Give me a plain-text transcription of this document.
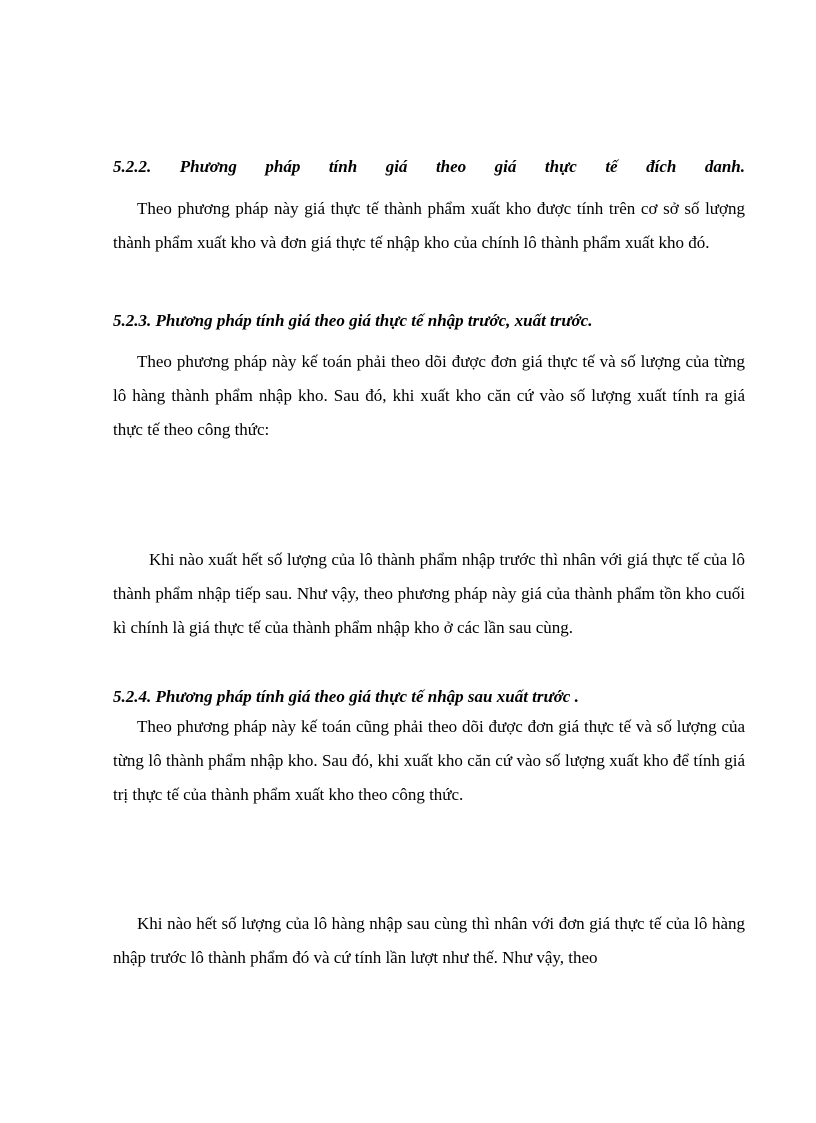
5.2.2. Phương pháp tính giá theo giá thực tế đích danh.

Theo phương pháp này giá thực tế thành phẩm xuất kho được tính trên cơ sở số lượng thành phẩm xuất kho và đơn giá thực tế nhập kho của chính lô thành phẩm xuất kho đó.

5.2.3. Phương pháp tính giá theo giá thực tế nhập trước, xuất trước.

Theo phương pháp này kế toán phải theo dõi được đơn giá thực tế và số lượng của từng lô hàng thành phẩm nhập kho. Sau đó, khi xuất kho căn cứ vào số lượng xuất tính ra giá thực tế theo công thức:

Khi nào xuất hết số lượng của lô thành phẩm nhập trước thì nhân với giá thực tế của lô thành phẩm nhập tiếp sau. Như vậy, theo phương pháp này giá của thành phẩm tồn kho cuối kì chính là giá thực tế của thành phẩm nhập kho ở các lần sau cùng.

5.2.4. Phương pháp tính giá theo giá thực tế nhập sau xuất trước .

Theo phương pháp này kế toán cũng phải theo dõi được đơn giá thực tế và số lượng của từng lô thành phẩm nhập kho. Sau đó, khi xuất kho căn cứ vào số lượng xuất kho để tính giá trị thực tế của thành phẩm xuất kho theo công thức.

Khi nào hết số lượng của lô hàng nhập sau cùng thì nhân với đơn giá thực tế của lô hàng nhập trước lô thành phẩm đó và cứ tính lần lượt như thế. Như vậy, theo
